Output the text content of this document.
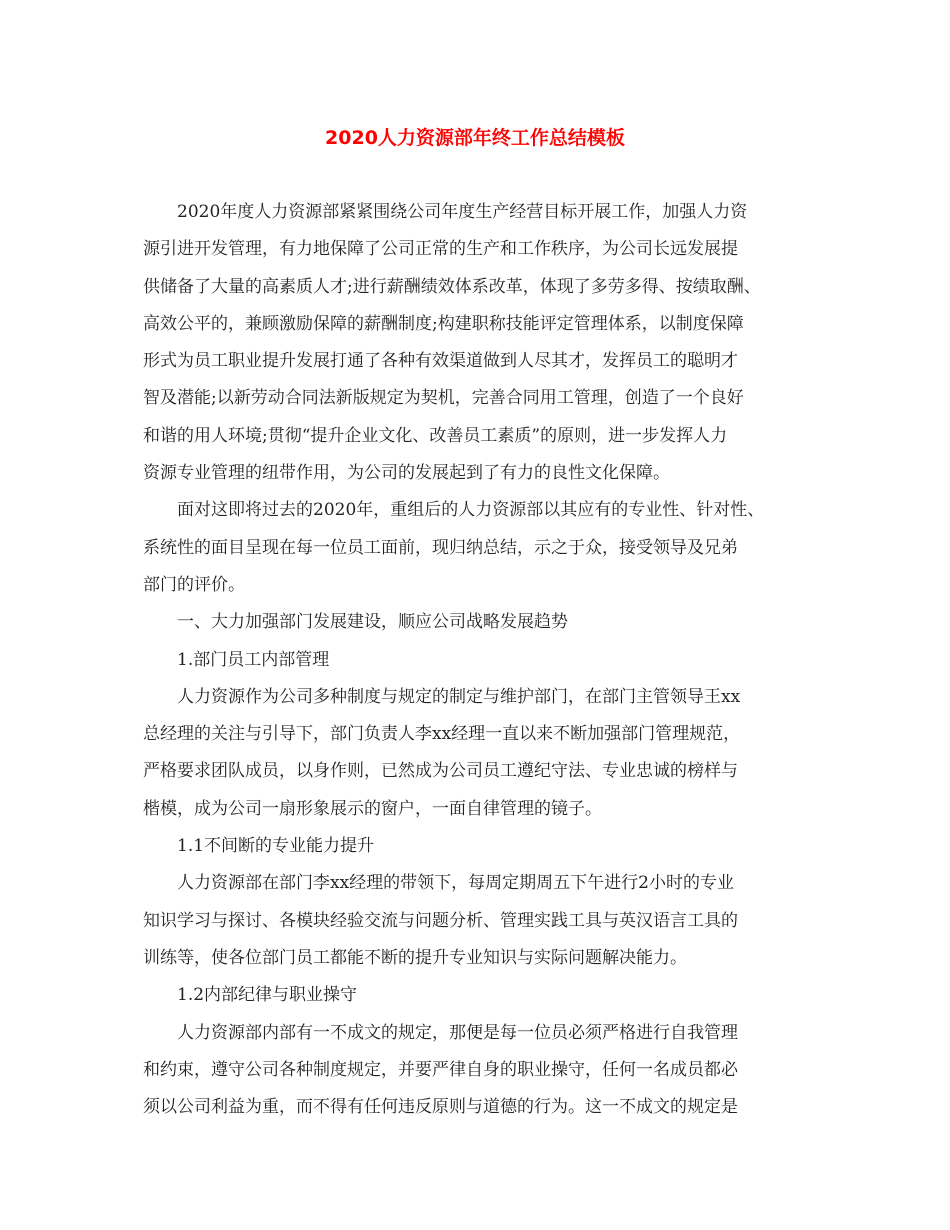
2020人力资源部年终工作总结模板
2020年度人力资源部紧紧围绕公司年度生产经营目标开展工作，加强人力资
源引进开发管理，有力地保障了公司正常的生产和工作秩序，为公司长远发展提
供储备了大量的高素质人才;进行薪酬绩效体系改革，体现了多劳多得、按绩取酬、
高效公平的，兼顾激励保障的薪酬制度;构建职称技能评定管理体系，以制度保障
形式为员工职业提升发展打通了各种有效渠道做到人尽其才，发挥员工的聪明才
智及潜能;以新劳动合同法新版规定为契机，完善合同用工管理，创造了一个良好
和谐的用人环境;贯彻“提升企业文化、改善员工素质”的原则，进一步发挥人力
资源专业管理的纽带作用，为公司的发展起到了有力的良性文化保障。
面对这即将过去的2020年，重组后的人力资源部以其应有的专业性、针对性、
系统性的面目呈现在每一位员工面前，现归纳总结，示之于众，接受领导及兄弟
部门的评价。
一、大力加强部门发展建设，顺应公司战略发展趋势
1.部门员工内部管理
人力资源作为公司多种制度与规定的制定与维护部门，在部门主管领导王xx
总经理的关注与引导下，部门负责人李xx经理一直以来不断加强部门管理规范，
严格要求团队成员，以身作则，已然成为公司员工遵纪守法、专业忠诚的榜样与
楷模，成为公司一扇形象展示的窗户，一面自律管理的镜子。
1.1不间断的专业能力提升
人力资源部在部门李xx经理的带领下，每周定期周五下午进行2小时的专业
知识学习与探讨、各模块经验交流与问题分析、管理实践工具与英汉语言工具的
训练等，使各位部门员工都能不断的提升专业知识与实际问题解决能力。
1.2内部纪律与职业操守
人力资源部内部有一不成文的规定，那便是每一位员必须严格进行自我管理
和约束，遵守公司各种制度规定，并要严律自身的职业操守，任何一名成员都必
须以公司利益为重，而不得有任何违反原则与道德的行为。这一不成文的规定是
